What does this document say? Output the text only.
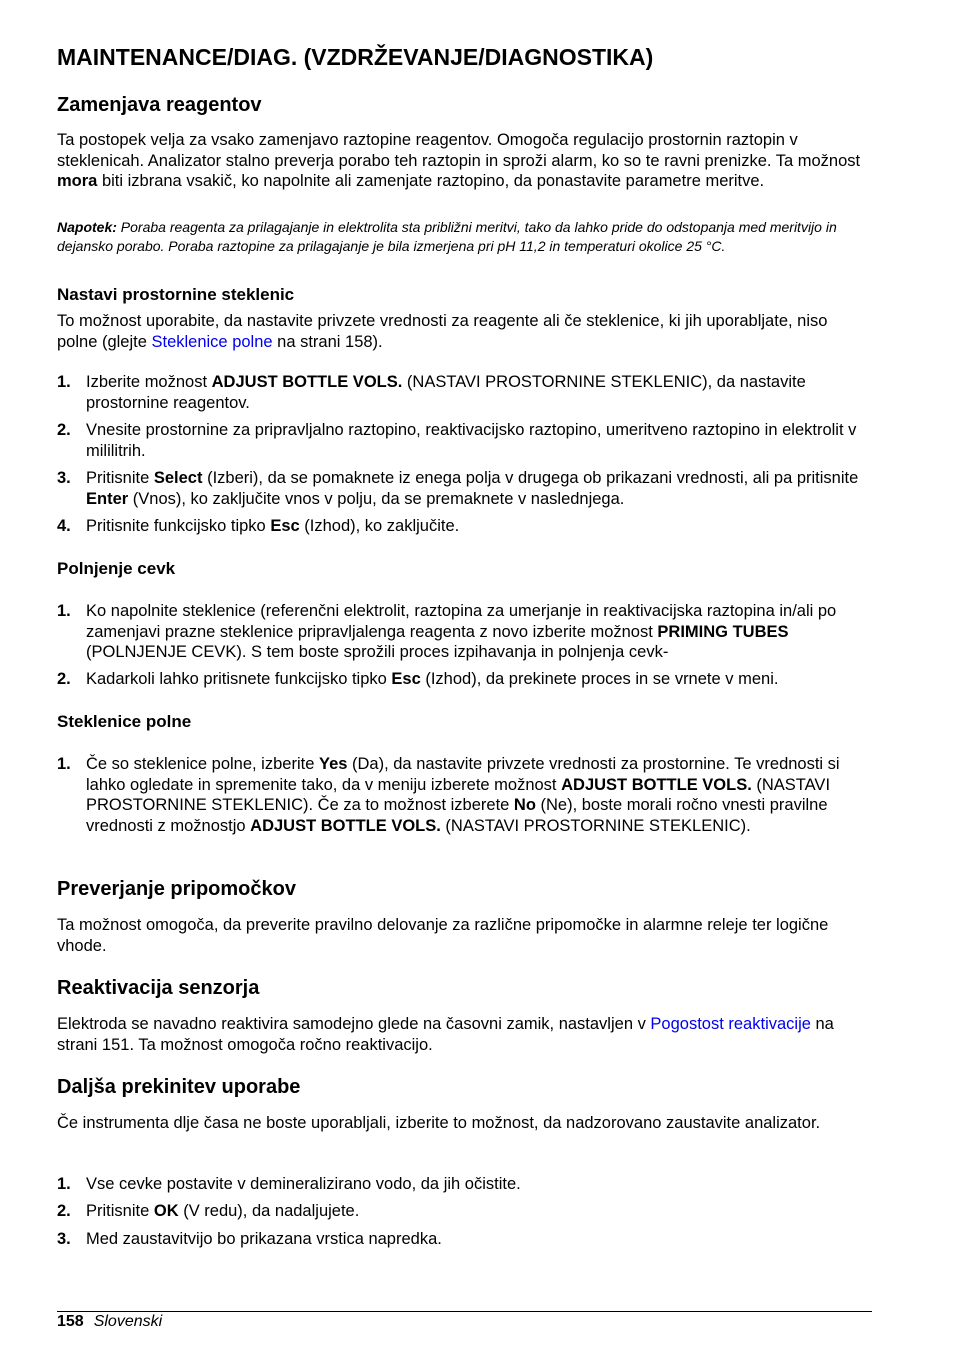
MAINTENANCE/DIAG. (VZDRŽEVANJE/DIAGNOSTIKA)
Zamenjava reagentov

Ta postopek velja za vsako zamenjavo raztopine reagentov. Omogoča regulacijo prostornin raztopin v steklenicah. Analizator stalno preverja porabo teh raztopin in sproži alarm, ko so te ravni prenizke. Ta možnost mora biti izbrana vsakič, ko napolnite ali zamenjate raztopino, da ponastavite parametre meritve.

Napotek: Poraba reagenta za prilagajanje in elektrolita sta približni meritvi, tako da lahko pride do odstopanja med meritvijo in dejansko porabo. Poraba raztopine za prilagajanje je bila izmerjena pri pH 11,2 in temperaturi okolice 25 °C.

Nastavi prostornine steklenic

To možnost uporabite, da nastavite privzete vrednosti za reagente ali če steklenice, ki jih uporabljate, niso polne (glejte Steklenice polne na strani 158).

1. Izberite možnost ADJUST BOTTLE VOLS. (NASTAVI PROSTORNINE STEKLENIC), da nastavite prostornine reagentov.
2. Vnesite prostornine za pripravljalno raztopino, reaktivacijsko raztopino, umeritveno raztopino in elektrolit v mililitrih.
3. Pritisnite Select (Izberi), da se pomaknete iz enega polja v drugega ob prikazani vrednosti, ali pa pritisnite Enter (Vnos), ko zaključite vnos v polju, da se premaknete v naslednjega.
4. Pritisnite funkcijsko tipko Esc (Izhod), ko zaključite.
Polnjenje cevk
1. Ko napolnite steklenice (referenčni elektrolit, raztopina za umerjanje in reaktivacijska raztopina in/ali po zamenjavi prazne steklenice pripravljalenga reagenta z novo izberite možnost PRIMING TUBES (POLNJENJE CEVK). S tem boste sprožili proces izpihavanja in polnjenja cevk-
2. Kadarkoli lahko pritisnete funkcijsko tipko Esc (Izhod), da prekinete proces in se vrnete v meni.
Steklenice polne
1. Če so steklenice polne, izberite Yes (Da), da nastavite privzete vrednosti za prostornine. Te vrednosti si lahko ogledate in spremenite tako, da v meniju izberete možnost ADJUST BOTTLE VOLS. (NASTAVI PROSTORNINE STEKLENIC). Če za to možnost izberete No (Ne), boste morali ročno vnesti pravilne vrednosti z možnostjo ADJUST BOTTLE VOLS. (NASTAVI PROSTORNINE STEKLENIC).
Preverjanje pripomočkov

Ta možnost omogoča, da preverite pravilno delovanje za različne pripomočke in alarmne releje ter logične vhode.

Reaktivacija senzorja

Elektroda se navadno reaktivira samodejno glede na časovni zamik, nastavljen v Pogostost reaktivacije na strani 151. Ta možnost omogoča ročno reaktivacijo.

Daljša prekinitev uporabe

Če instrumenta dlje časa ne boste uporabljali, izberite to možnost, da nadzorovano zaustavite analizator.

1. Vse cevke postavite v demineralizirano vodo, da jih očistite.
2. Pritisnite OK (V redu), da nadaljujete.
3. Med zaustavitvijo bo prikazana vrstica napredka.
158 Slovenski
